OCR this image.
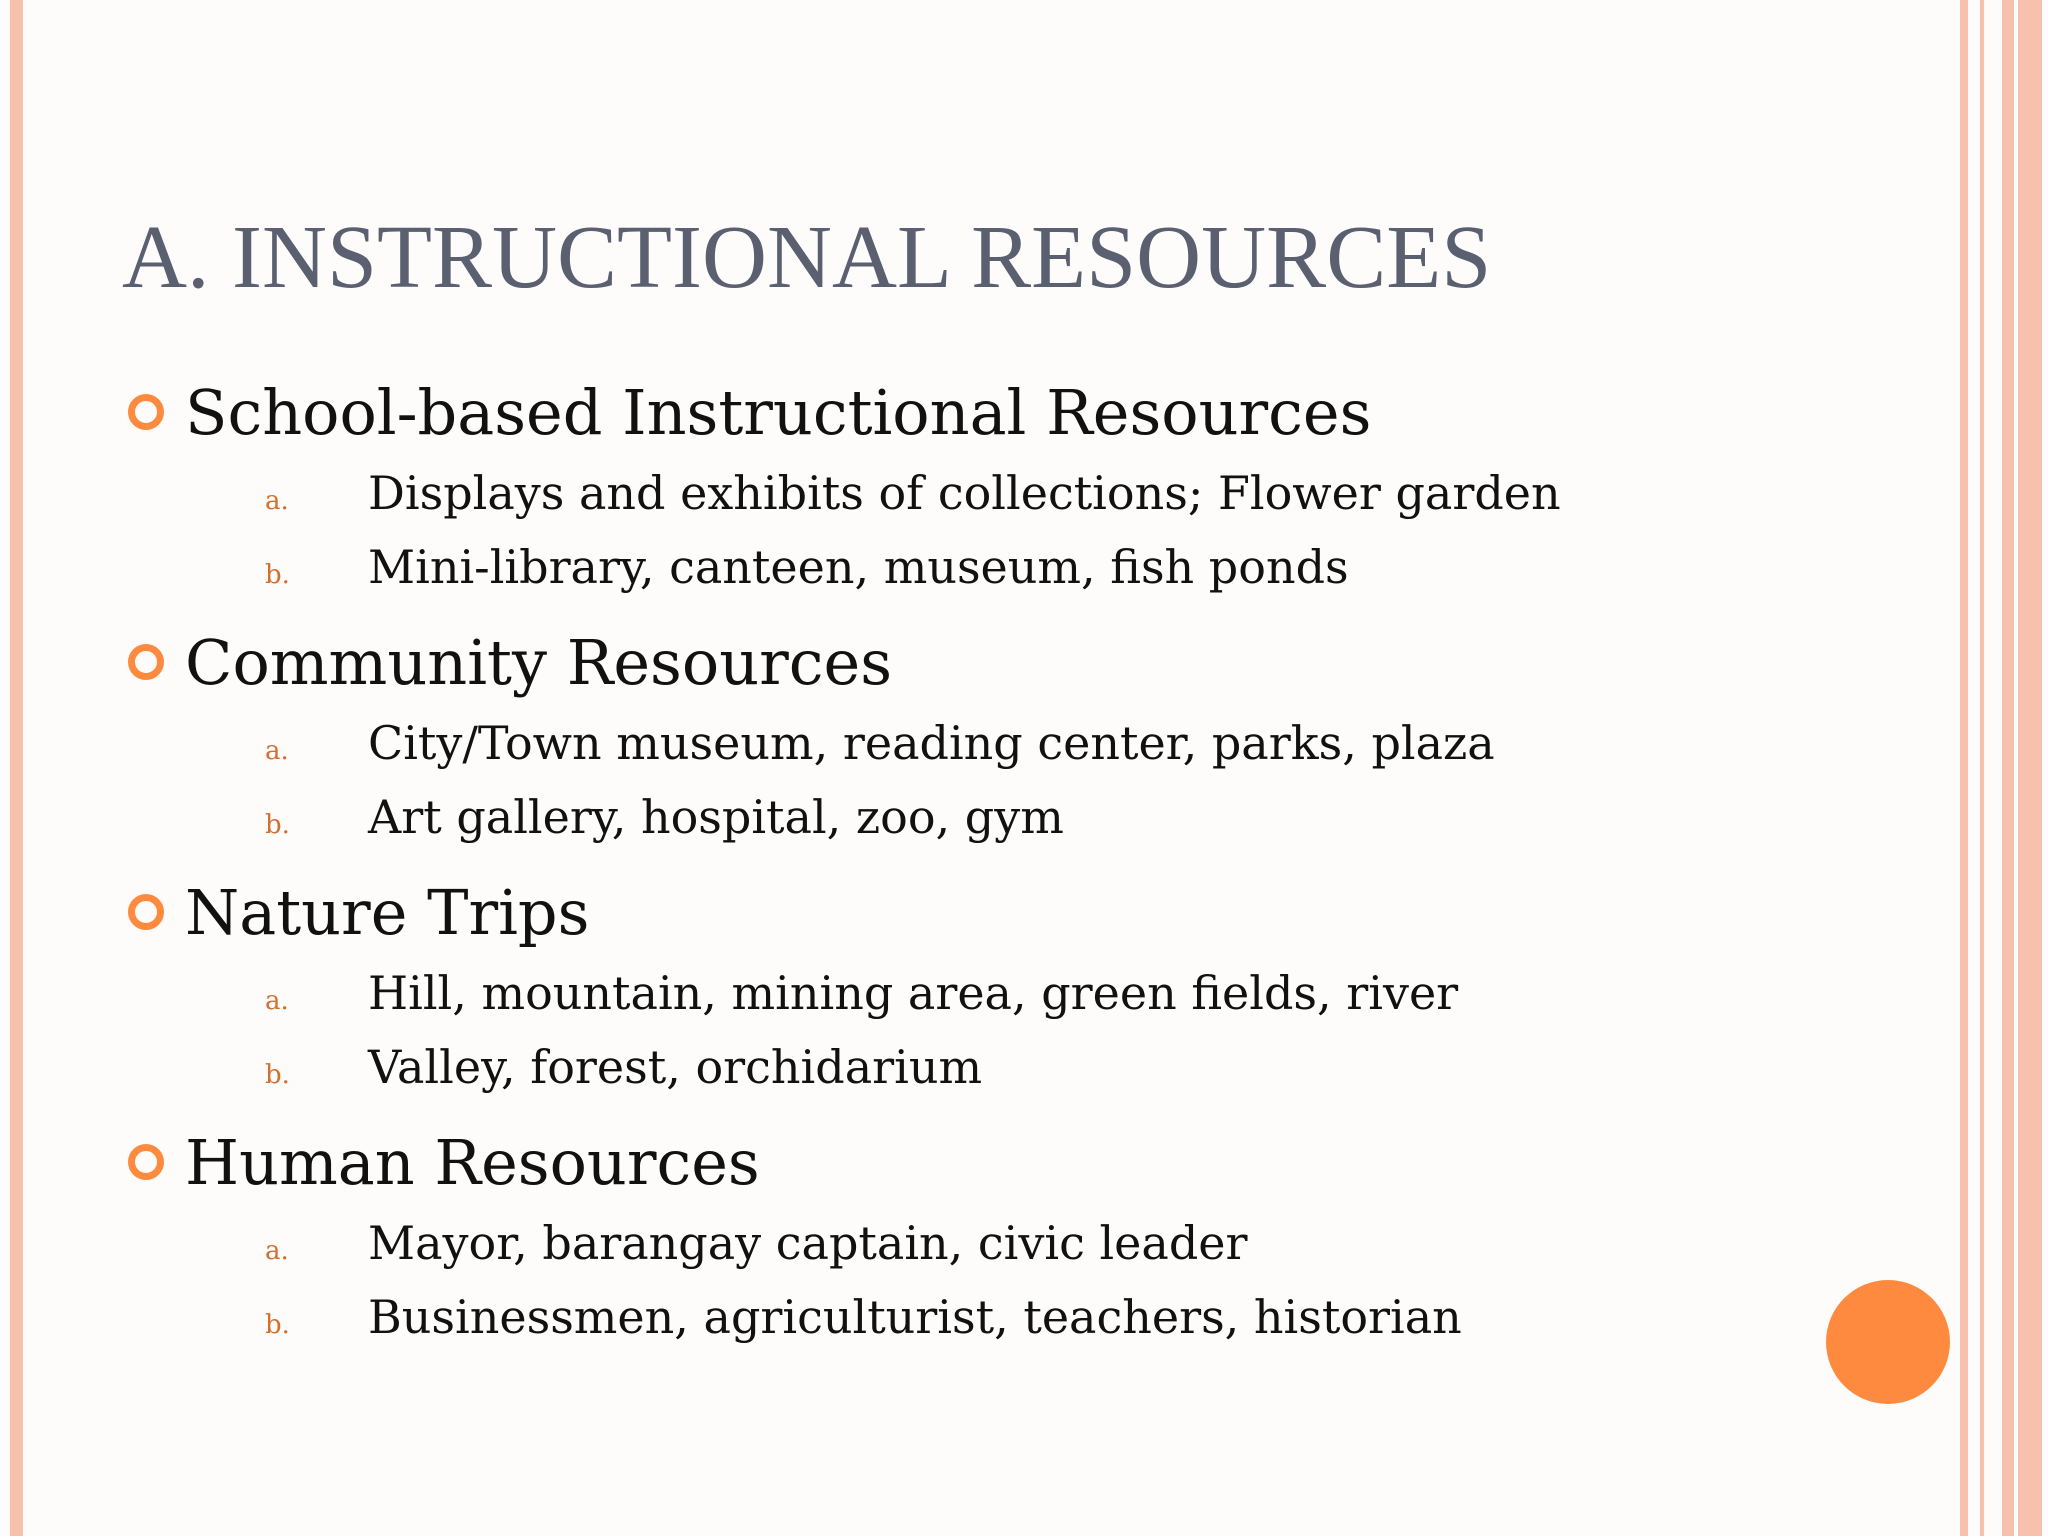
A. INSTRUCTIONAL RESOURCES
School-based Instructional Resources
a. Displays and exhibits of collections; Flower garden
b. Mini-library, canteen, museum, fish ponds
Community Resources
a. City/Town museum, reading center, parks, plaza
b. Art gallery, hospital, zoo, gym
Nature Trips
a. Hill, mountain, mining area, green fields, river
b. Valley, forest, orchidarium
Human Resources
a. Mayor, barangay captain, civic leader
b. Businessmen, agriculturist, teachers, historian
